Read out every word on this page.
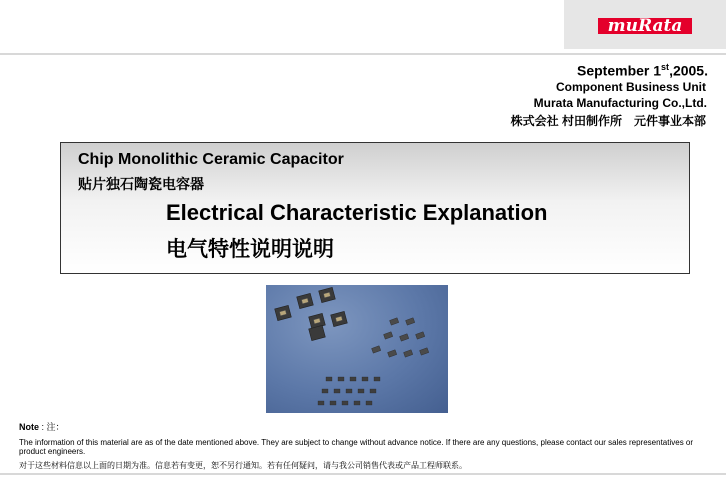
muRata
September 1st,2005.
Component Business Unit
Murata Manufacturing Co.,Ltd.
株式会社 村田制作所　元件事业本部
Chip Monolithic Ceramic Capacitor
贴片独石陶瓷电容器
Electrical Characteristic Explanation
电气特性说明说明
Note : 注：
The information of this material are as of the date mentioned above. They are subject to change without advance notice. If there are any questions, please contact our sales representatives or product engineers.
对于这些材料信息以上面的日期为准。信息若有变更，恕不另行通知。若有任何疑问，请与我公司销售代表或产品工程师联系。
